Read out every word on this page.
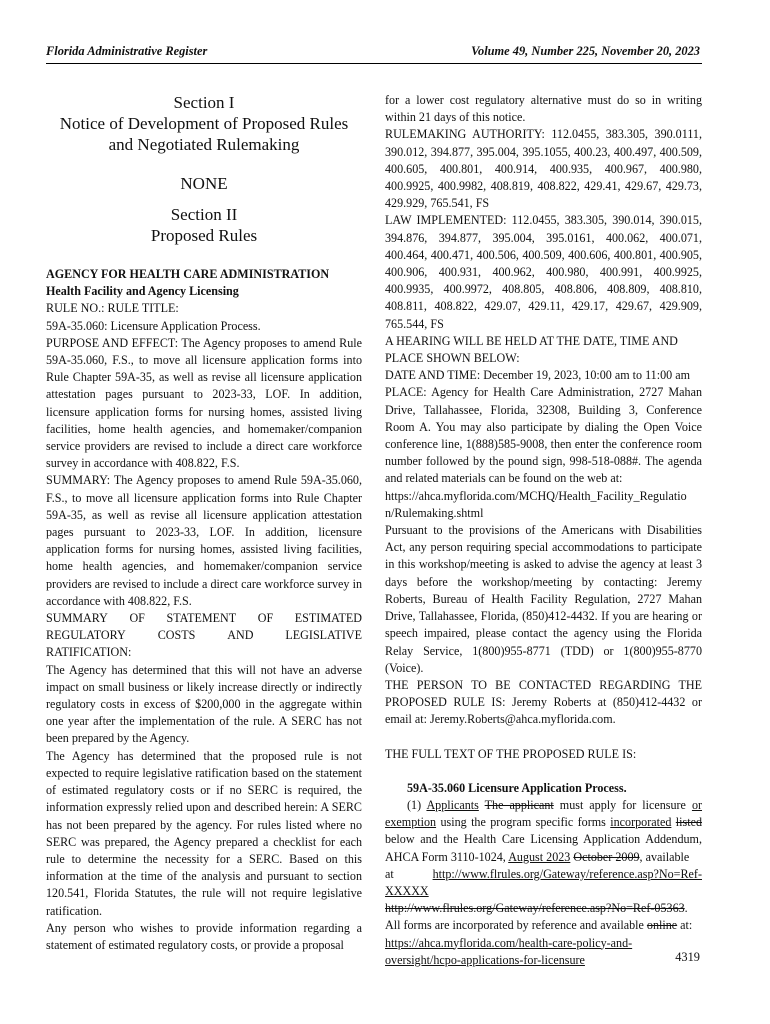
Florida Administrative Register	Volume 49, Number 225, November 20, 2023

Section I

Notice of Development of Proposed Rules

and Negotiated Rulemaking

NONE

Section II

Proposed Rules

AGENCY FOR HEALTH CARE ADMINISTRATION

Health Facility and Agency Licensing

RULE NO.: RULE TITLE:

59A-35.060: Licensure Application Process.

PURPOSE AND EFFECT: The Agency proposes to amend Rule 59A-35.060, F.S., to move all licensure application forms into Rule Chapter 59A-35, as well as revise all licensure application attestation pages pursuant to 2023-33, LOF. In addition, licensure application forms for nursing homes, assisted living facilities, home health agencies, and homemaker/companion service providers are revised to include a direct care workforce survey in accordance with 408.822, F.S.

SUMMARY: The Agency proposes to amend Rule 59A-35.060, F.S., to move all licensure application forms into Rule Chapter 59A-35, as well as revise all licensure application attestation pages pursuant to 2023-33, LOF. In addition, licensure application forms for nursing homes, assisted living facilities, home health agencies, and homemaker/companion service providers are revised to include a direct care workforce survey in accordance with 408.822, F.S.

SUMMARY OF STATEMENT OF ESTIMATED
REGULATORY	COSTS	AND	LEGISLATIVE

RATIFICATION:

The Agency has determined that this will not have an adverse impact on small business or likely increase directly or indirectly regulatory costs in excess of $200,000 in the aggregate within one year after the implementation of the rule. A SERC has not been prepared by the Agency.

The Agency has determined that the proposed rule is not expected to require legislative ratification based on the statement of estimated regulatory costs or if no SERC is required, the information expressly relied upon and described herein: A SERC has not been prepared by the agency. For rules listed where no SERC was prepared, the Agency prepared a checklist for each rule to determine the necessity for a SERC. Based on this information at the time of the analysis and pursuant to section 120.541, Florida Statutes, the rule will not require legislative ratification.

Any person who wishes to provide information regarding a statement of estimated regulatory costs, or provide a proposal

for a lower cost regulatory alternative must do so in writing within 21 days of this notice.

RULEMAKING AUTHORITY: 112.0455, 383.305, 390.0111, 390.012, 394.877, 395.004, 395.1055, 400.23, 400.497, 400.509, 400.605, 400.801, 400.914, 400.935, 400.967, 400.980, 400.9925, 400.9982, 408.819, 408.822, 429.41, 429.67, 429.73, 429.929, 765.541, FS

LAW IMPLEMENTED: 112.0455, 383.305, 390.014, 390.015, 394.876, 394.877, 395.004, 395.0161, 400.062, 400.071, 400.464, 400.471, 400.506, 400.509, 400.606, 400.801, 400.905, 400.906, 400.931, 400.962, 400.980, 400.991, 400.9925, 400.9935, 400.9972, 408.805, 408.806, 408.809, 408.810, 408.811, 408.822, 429.07, 429.11, 429.17, 429.67, 429.909, 765.544, FS

A HEARING WILL BE HELD AT THE DATE, TIME AND PLACE SHOWN BELOW:

DATE AND TIME: December 19, 2023, 10:00 am to 11:00 am

PLACE: Agency for Health Care Administration, 2727 Mahan Drive, Tallahassee, Florida, 32308, Building 3, Conference Room A. You may also participate by dialing the Open Voice conference line, 1(888)585-9008, then enter the conference room number followed by the pound sign, 998-518-088#. The agenda and related materials can be found on the web at:

https://ahca.myflorida.com/MCHQ/Health_Facility_Regulatio

n/Rulemaking.shtml

Pursuant to the provisions of the Americans with Disabilities Act, any person requiring special accommodations to participate in this workshop/meeting is asked to advise the agency at least 3 days before the workshop/meeting by contacting: Jeremy Roberts, Bureau of Health Facility Regulation, 2727 Mahan Drive, Tallahassee, Florida, (850)412-4432. If you are hearing or speech impaired, please contact the agency using the Florida Relay Service, 1(800)955-8771 (TDD) or 1(800)955-8770 (Voice).

THE PERSON TO BE CONTACTED REGARDING THE PROPOSED RULE IS: Jeremy Roberts at (850)412-4432 or email at: Jeremy.Roberts@ahca.myflorida.com.

THE FULL TEXT OF THE PROPOSED RULE IS:

59A-35.060 Licensure Application Process.

(1) Applicants The applicant must apply for licensure or exemption using the program specific forms incorporated listed below and the Health Care Licensing Application Addendum, AHCA Form 3110-1024, August 2023 October 2009, available

at	http://www.flrules.org/Gateway/reference.asp?No=Ref-

XXXXX

http://www.flrules.org/Gateway/reference.asp?No=Ref-05363.

All forms are incorporated by reference and available online at:

https://ahca.myflorida.com/health-care-policy-and-

oversight/hcpo-applications-for-licensure	4319
